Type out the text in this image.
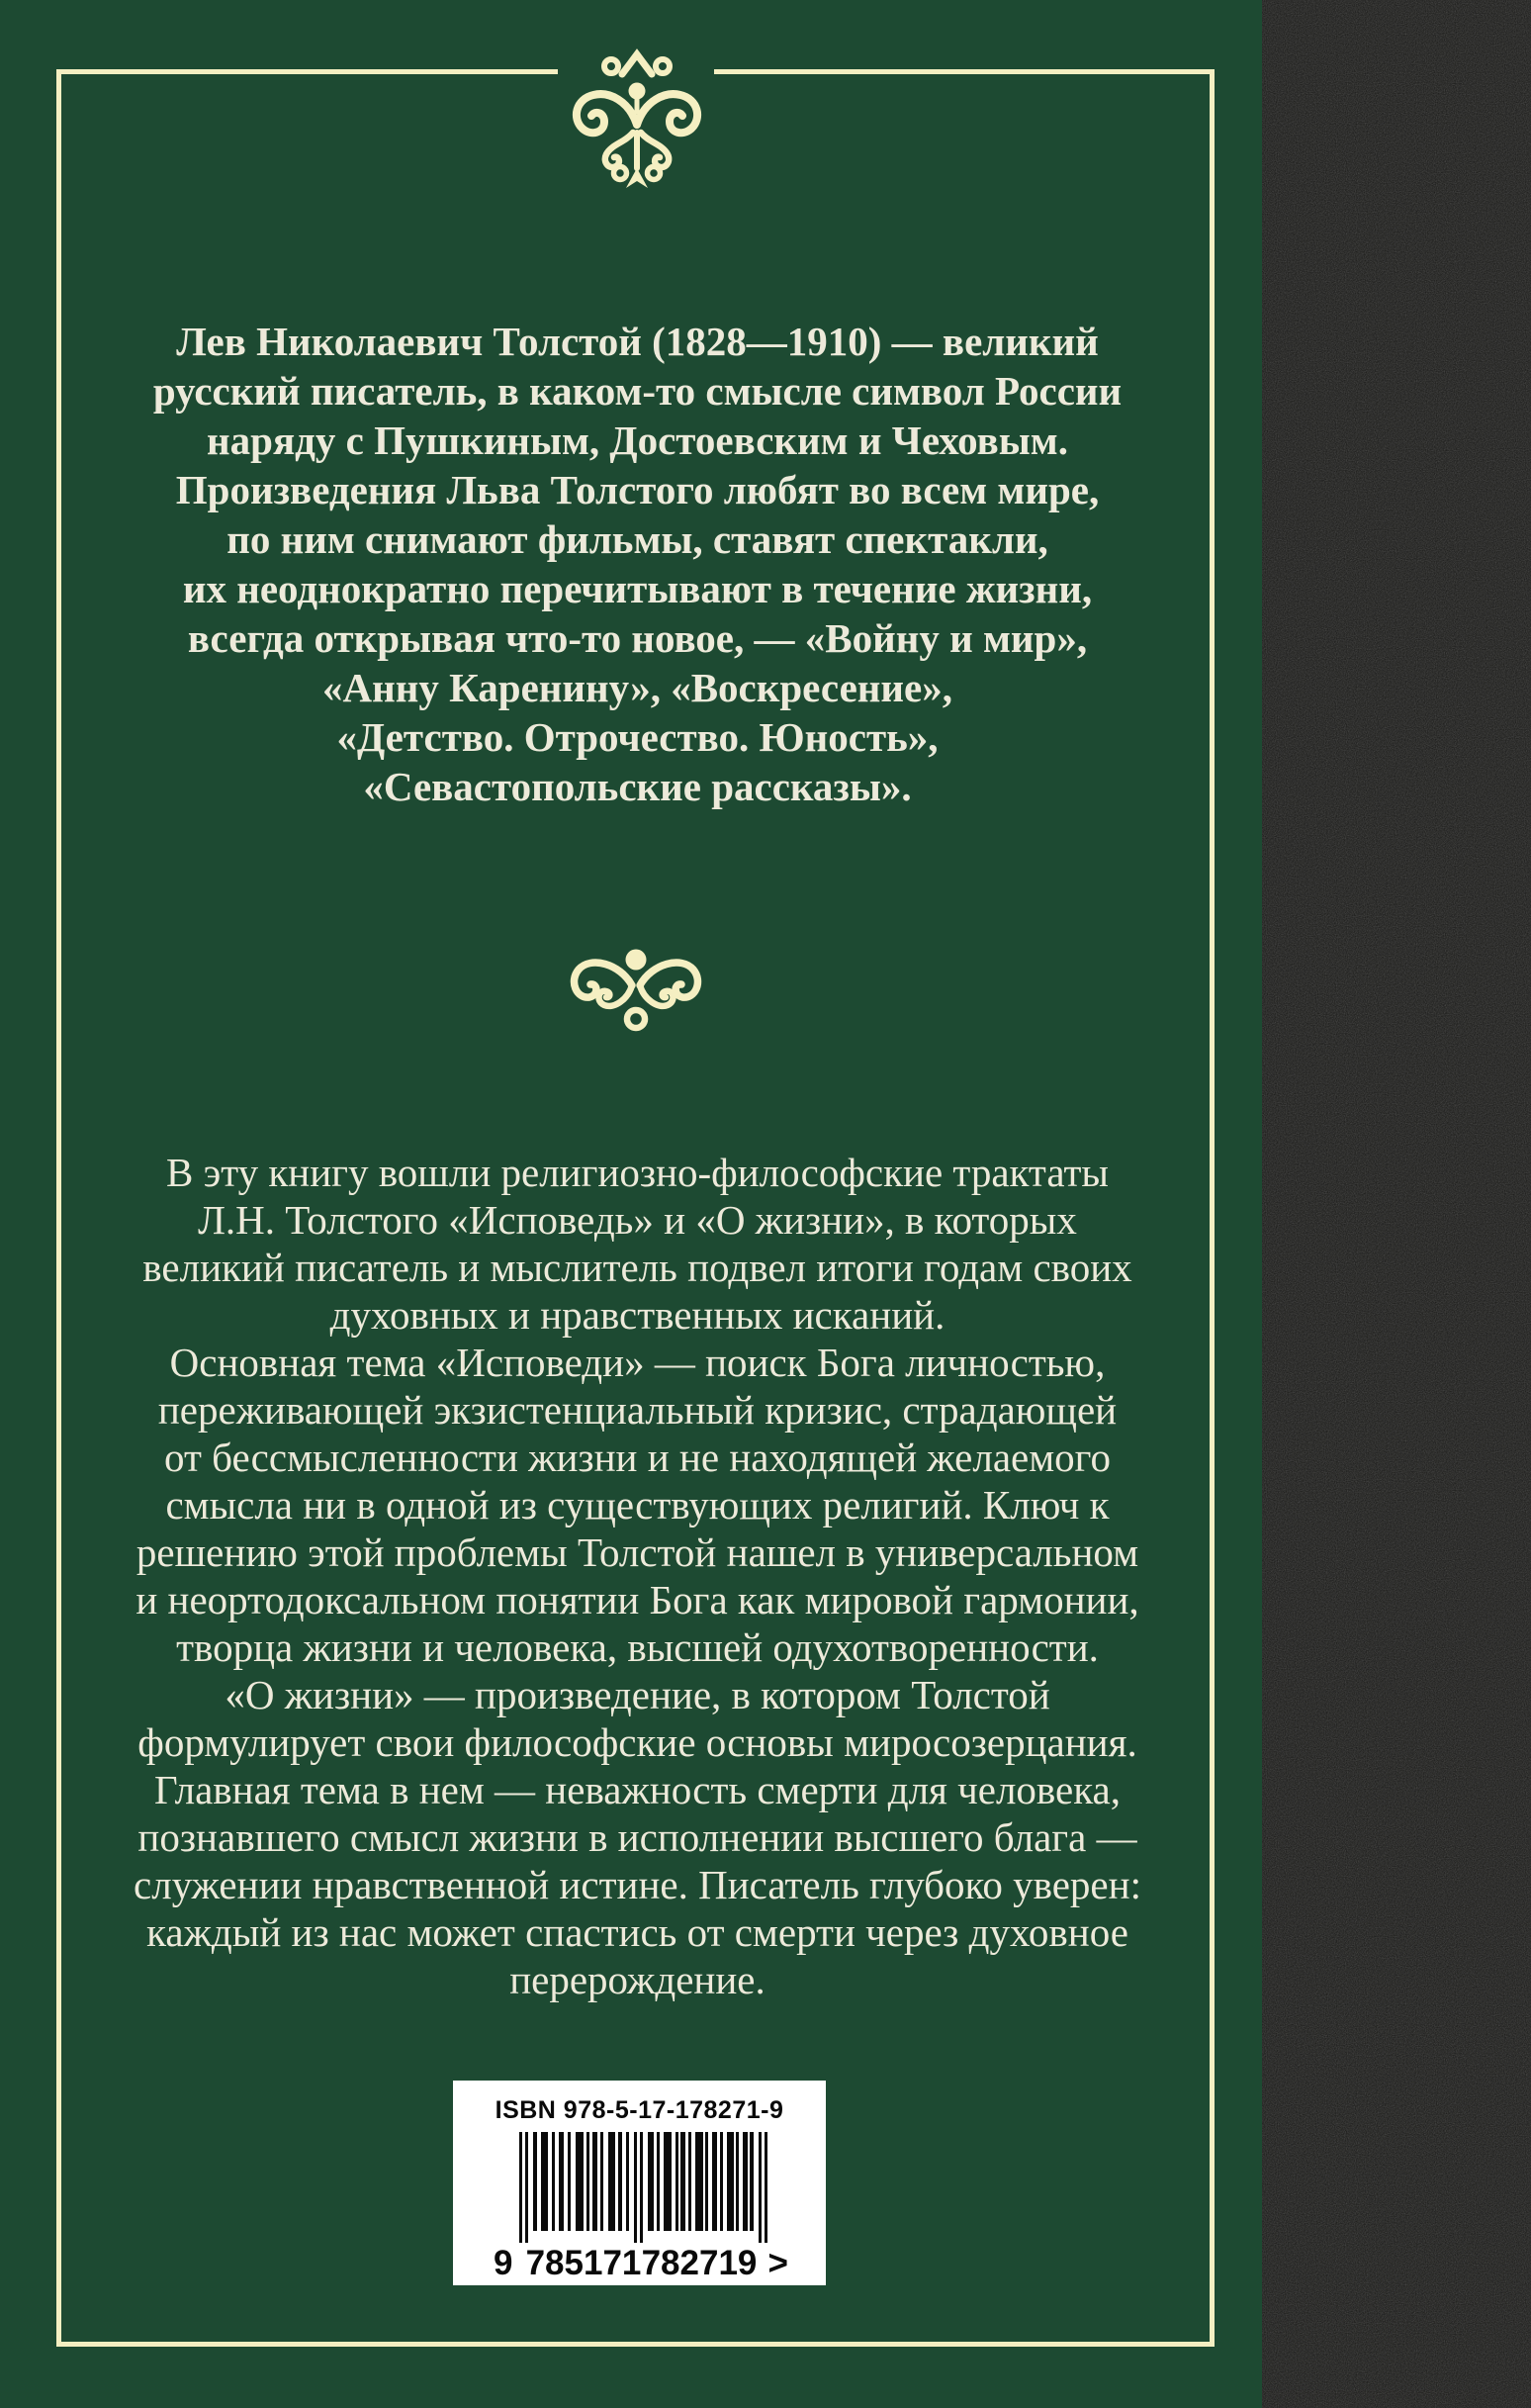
Лев Николаевич Толстой (1828—1910) — великий
русский писатель, в каком-то смысле символ России
наряду с Пушкиным, Достоевским и Чеховым.
Произведения Льва Толстого любят во всем мире,
по ним снимают фильмы, ставят спектакли,
их неоднократно перечитывают в течение жизни,
всегда открывая что-то новое, — «Войну и мир»,
«Анну Каренину», «Воскресение»,
«Детство. Отрочество. Юность»,
«Севастопольские рассказы».
В эту книгу вошли религиозно-философские трактаты
Л.Н. Толстого «Исповедь» и «О жизни», в которых
великий писатель и мыслитель подвел итоги годам своих
духовных и нравственных исканий.
Основная тема «Исповеди» — поиск Бога личностью,
переживающей экзистенциальный кризис, страдающей
от бессмысленности жизни и не находящей желаемого
смысла ни в одной из существующих религий. Ключ к
решению этой проблемы Толстой нашел в универсальном
и неортодоксальном понятии Бога как мировой гармонии,
творца жизни и человека, высшей одухотворенности.
«О жизни» — произведение, в котором Толстой
формулирует свои философские основы миросозерцания.
Главная тема в нем — неважность смерти для человека,
познавшего смысл жизни в исполнении высшего блага —
служении нравственной истине. Писатель глубоко уверен:
каждый из нас может спастись от смерти через духовное
перерождение.
ISBN 978-5-17-178271-9
9 785171 782719 >
